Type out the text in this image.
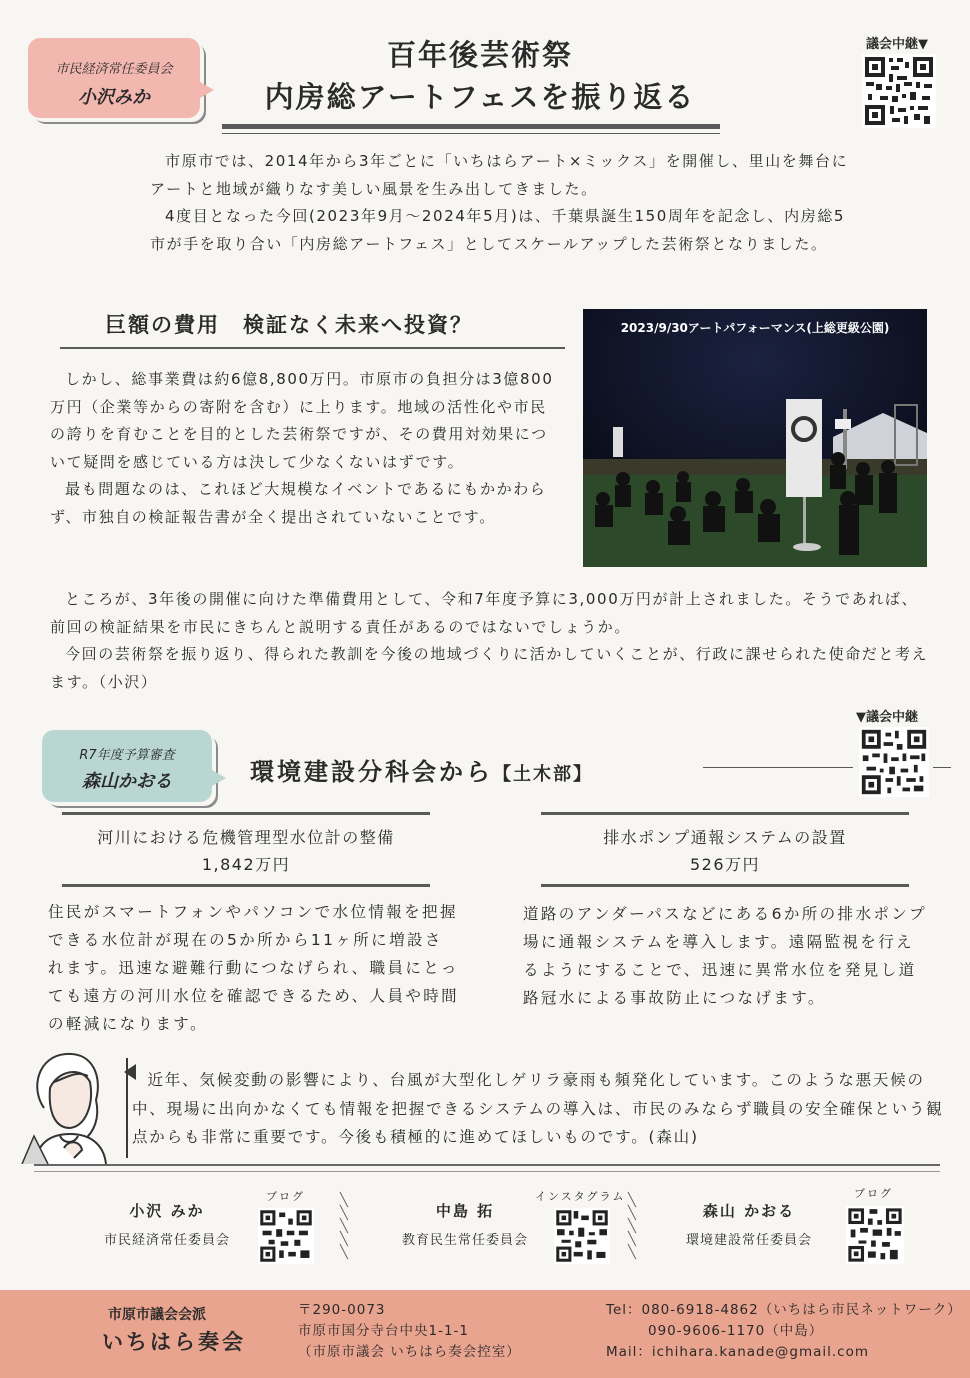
市民経済常任委員会
小沢みか
百年後芸術祭
内房総アートフェスを振り返る
議会中継▼

市原市では、2014年から3年ごとに「いちはらアート×ミックス」を開催し、里山を舞台にアートと地域が織りなす美しい風景を生み出してきました。

4度目となった今回(2023年9月～2024年5月)は、千葉県誕生150周年を記念し、内房総5市が手を取り合い「内房総アートフェス」としてスケールアップした芸術祭となりました。

巨額の費用　検証なく未来へ投資？	2023/9/30アートパフォーマンス(上総更級公園)

しかし、総事業費は約6億8,800万円。市原市の負担分は3億800万円（企業等からの寄附を含む）に上ります。地域の活性化や市民の誇りを育むことを目的とした芸術祭ですが、その費用対効果について疑問を感じている方は決して少なくないはずです。

最も問題なのは、これほど大規模なイベントであるにもかかわらず、市独自の検証報告書が全く提出されていないことです。

ところが、3年後の開催に向けた準備費用として、令和7年度予算に3,000万円が計上されました。そうであれば、前回の検証結果を市民にきちんと説明する責任があるのではないでしょうか。

今回の芸術祭を振り返り、得られた教訓を今後の地域づくりに活かしていくことが、行政に課せられた使命だと考えます。（小沢）

R7年度予算審査
森山かおる	環境建設分科会から【土木部】
▼議会中継
河川における危機管理型水位計の整備
1,842万円
住民がスマートフォンやパソコンで水位情報を把握できる水位計が現在の5か所から11ヶ所に増設されます。迅速な避難行動につなげられ、職員にとっても遠方の河川水位を確認できるため、人員や時間の軽減になります。
排水ポンプ通報システムの設置
526万円
道路のアンダーパスなどにある6か所の排水ポンプ場に通報システムを導入します。遠隔監視を行えるようにすることで、迅速に異常水位を発見し道路冠水による事故防止につなげます。
近年、気候変動の影響により、台風が大型化しゲリラ豪雨も頻発化しています。このような悪天候の中、現場に出向かなくても情報を把握できるシステムの導入は、市民のみならず職員の安全確保という観点からも非常に重要です。今後も積極的に進めてほしいものです。(森山)
小沢 みか
市民経済常任委員会
ブログ	╲
╲
╲
╲
╲
中島 拓
教育民生常任委員会
インスタグラム ╲
╲
╲
╲
╲
森山 かおる
環境建設常任委員会
ブログ
市原市議会会派
いちはら奏会
〒290-0073
市原市国分寺台中央1-1-1
（市原市議会 いちはら奏会控室）
Tel：080-6918-4862（いちはら市民ネットワーク）
090-9606-1170（中島）
Mail：ichihara.kanade@gmail.com
